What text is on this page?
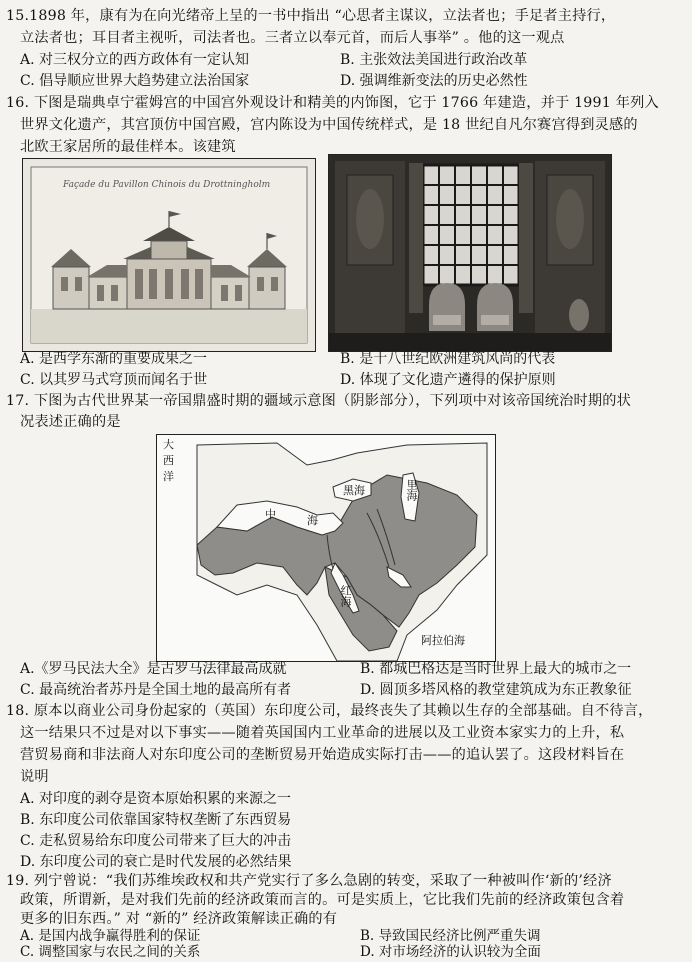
15.1898 年，康有为在向光绪帝上呈的一书中指出 “心思者主谋议，立法者也；手足者主持行，
立法者也；耳目者主视听，司法者也。三者立以奉元首，而后人事举” 。他的这一观点
A. 对三权分立的西方政体有一定认知	B. 主张效法美国进行政治改革
C. 倡导顺应世界大趋势建立法治国家	D. 强调维新变法的历史必然性
16. 下图是瑞典卓宁霍姆宫的中国宫外观设计和精美的内饰图，它于 1766 年建造，并于 1991 年列入
世界文化遗产，其宫顶仿中国宫殿，宫内陈设为中国传统样式，是 18 世纪自凡尔赛宫得到灵感的
北欧王家居所的最佳样本。该建筑
Façade du Pavillon Chinois du Drottningholm
A. 是西学东渐的重要成果之一	B. 是十八世纪欧洲建筑风尚的代表
C. 以其罗马式穹顶而闻名于世	D. 体现了文化遗产遴得的保护原则
17. 下图为古代世界某一帝国鼎盛时期的疆域示意图（阴影部分），下列项中对该帝国统治时期的状
况表述正确的是
大
西
洋
中	海
黑海	里海
红海
阿拉伯海
A.《罗马民法大全》是古罗马法律最高成就	B. 都城巴格达是当时世界上最大的城市之一
C. 最高统治者苏丹是全国土地的最高所有者	D. 圆顶多塔风格的教堂建筑成为东正教象征
18. 原本以商业公司身份起家的（英国）东印度公司，最终丧失了其赖以生存的全部基础。自不待言，
这一结果只不过是对以下事实——随着英国国内工业革命的进展以及工业资本家实力的上升，私
营贸易商和非法商人对东印度公司的垄断贸易开始造成实际打击——的追认罢了。这段材料旨在
说明
A. 对印度的剥夺是资本原始积累的来源之一
B. 东印度公司依靠国家特权垄断了东西贸易
C. 走私贸易给东印度公司带来了巨大的冲击
D. 东印度公司的衰亡是时代发展的必然结果
19. 列宁曾说：“我们苏维埃政权和共产党实行了多么急剧的转变，采取了一种被叫作‘新的’经济
政策，所谓新，是对我们先前的经济政策而言的。可是实质上，它比我们先前的经济政策包含着
更多的旧东西。” 对 “新的” 经济政策解读正确的有
A. 是国内战争赢得胜利的保证	B. 导致国民经济比例严重失调
C. 调整国家与农民之间的关系	D. 对市场经济的认识较为全面
